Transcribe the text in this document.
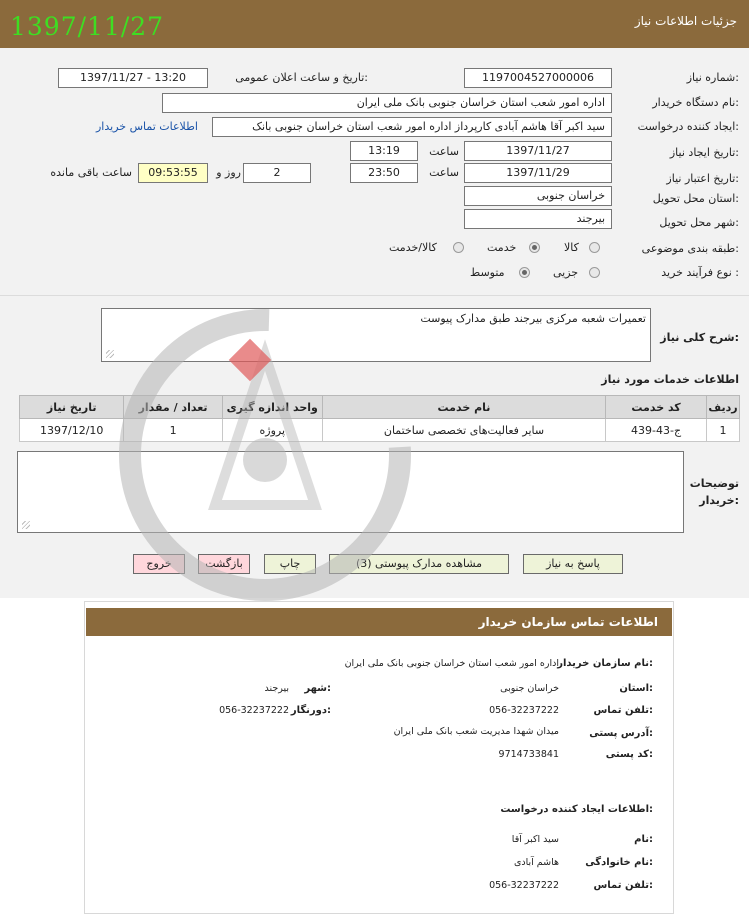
جزئیات اطلاعات نیاز
1397/11/27
شماره نیاز:
1197004527000006
تاریخ و ساعت اعلان عمومی:
1397/11/27 - 13:20
نام دستگاه خریدار:
اداره امور شعب استان خراسان جنوبی بانک ملی ایران
ایجاد کننده درخواست:
سید اکبر آقا هاشم آبادی کارپرداز اداره امور شعب استان خراسان جنوبی بانک
اطلاعات تماس خریدار
تاریخ ایجاد نیاز:
1397/11/27
ساعت
13:19
تاریخ اعتبار نیاز:
1397/11/29
ساعت
23:50
2
روز و
09:53:55
ساعت باقی مانده
استان محل تحویل:
خراسان جنوبی
شهر محل تحویل:
بیرجند
طبقه بندی موضوعی:
کالا
خدمت
کالا/خدمت
نوع فرآیند خرید :
جزیی
متوسط
شرح کلی نیاز:
تعمیرات شعبه مرکزی بیرجند طبق مدارک پیوست
اطلاعات خدمات مورد نیاز
ردیف	کد خدمت	نام خدمت	واحد اندازه گیری	تعداد / مقدار	تاریخ نیاز
1	ج-43-439	سایر فعالیت‌های تخصصی ساختمان	پروژه	1	1397/12/10
توضیحات
خریدار:
پاسخ به نیاز
مشاهده مدارک پیوستی (3)
چاپ
بازگشت
خروج
اطلاعات تماس سازمان خریدار
نام سازمان خریدار:
اداره امور شعب استان خراسان جنوبی بانک ملی ایران
استان:
خراسان جنوبی
شهر:
بیرجند
تلفن تماس:
056-32237222
دورنگار:
056-32237222
آدرس پستی:
میدان شهدا مدیریت شعب بانک ملی ایران
کد پستی:
9714733841
اطلاعات ایجاد کننده درخواست:
نام:
سید اکبر آقا
نام خانوادگی:
هاشم آبادی
تلفن تماس:
056-32237222
